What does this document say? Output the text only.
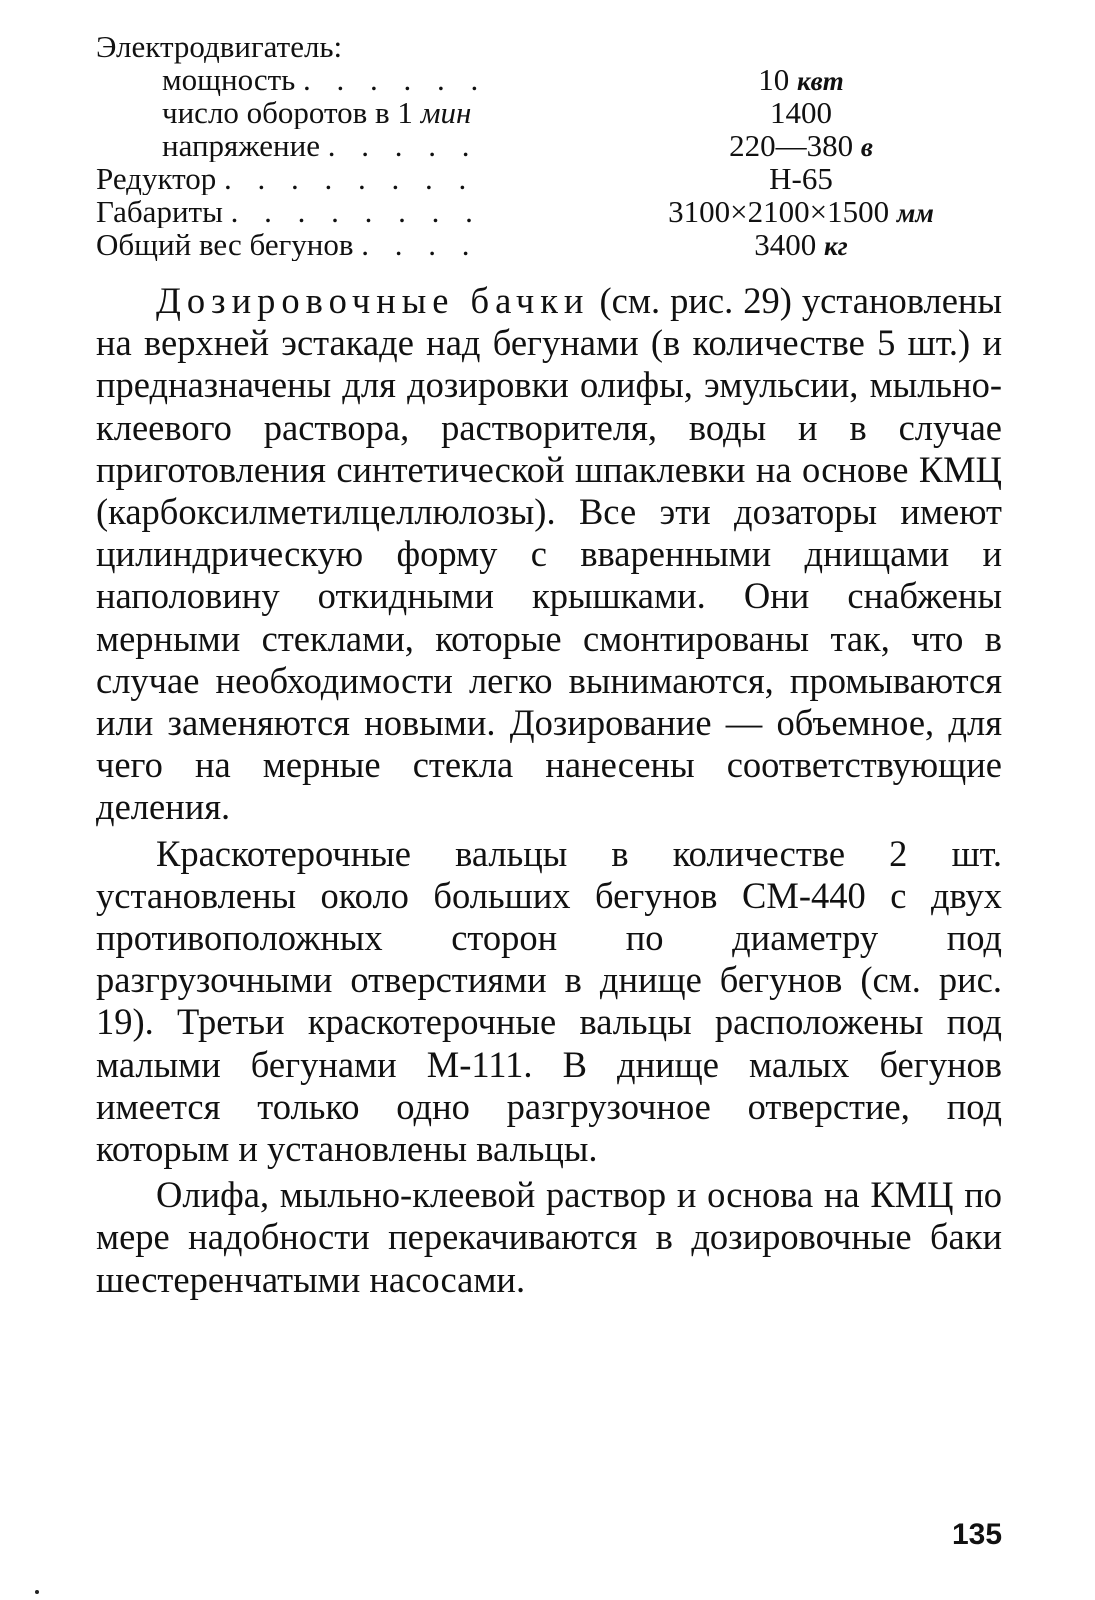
Электродвигатель:
мощность . . . . . .	10 квт
число оборотов в 1 мин	1400
напряжение . . . . .	220—380 в
Редуктор . . . . . . . .	Н-65
Габариты . . . . . . . .	3100×2100×1500 мм
Общий вес бегунов . . . .	3400 кг

Дозировочные бачки (см. рис. 29) установлены на верхней эстакаде над бегунами (в количестве 5 шт.) и предназначены для дозировки олифы, эмульсии, мыльно-клеевого раствора, растворителя, воды и в случае приготовления синтетической шпаклевки на основе КМЦ (карбоксилметилцеллюлозы). Все эти дозаторы имеют цилиндрическую форму с вваренными днищами и наполовину откидными крышками. Они снабжены мерными стеклами, которые смонтированы так, что в случае необходимости легко вынимаются, промываются или заменяются новыми. Дозирование — объемное, для чего на мерные стекла нанесены соответствующие деления.

Краскотерочные вальцы в количестве 2 шт. установлены около больших бегунов СМ-440 с двух противоположных сторон по диаметру под разгрузочными отверстиями в днище бегунов (см. рис. 19). Третьи краскотерочные вальцы расположены под малыми бегунами М-111. В днище малых бегунов имеется только одно разгрузочное отверстие, под которым и установлены вальцы.

Олифа, мыльно-клеевой раствор и основа на КМЦ по мере надобности перекачиваются в дозировочные баки шестеренчатыми насосами.

135
